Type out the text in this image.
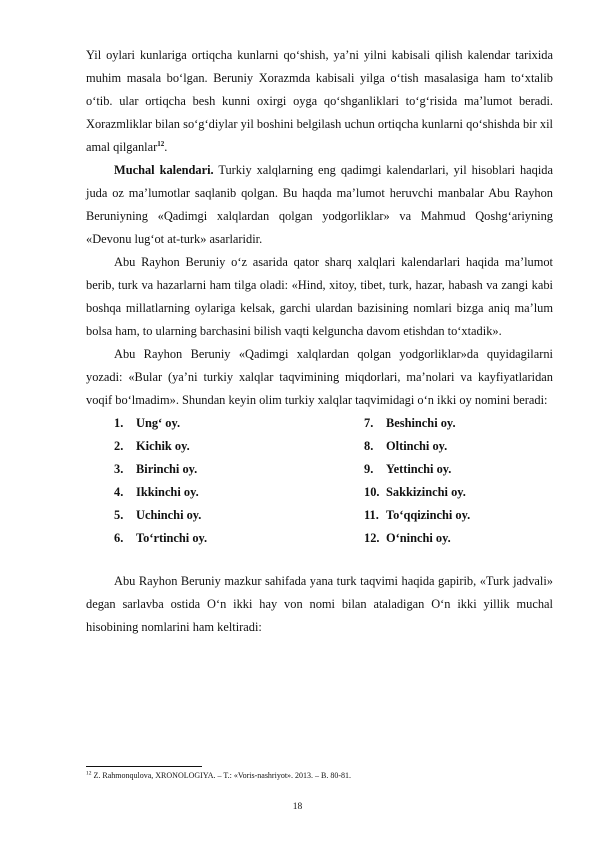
Yil oylari kunlariga ortiqcha kunlarni qo‘shish, ya’ni yilni kabisali qilish kalendar tarixida muhim masala bo‘lgan. Beruniy Xorazmda kabisali yilga o‘tish masalasiga ham to‘xtalib o‘tib. ular ortiqcha besh kunni oxirgi oyga qo‘shganliklari to‘g‘risida ma’lumot beradi. Xorazmliklar bilan so‘g‘diylar yil boshini belgilash uchun ortiqcha kunlarni qo‘shishda bir xil amal qilganlar$^{12}$.

Muchal kalendari. Turkiy xalqlarning eng qadimgi kalendarlari, yil hisoblari haqida juda oz ma’lumotlar saqlanib qolgan. Bu haqda ma’lumot heruvchi manbalar Abu Rayhon Beruniyning «Qadimgi xalqlardan qolgan yodgorliklar» va Mahmud Qoshg‘ariyning «Devonu lug‘ot at-turk» asarlaridir.

Abu Rayhon Beruniy o‘z asarida qator sharq xalqlari kalendarlari haqida ma’lumot berib, turk va hazarlarni ham tilga oladi: «Hind, xitoy, tibet, turk, hazar, habash va zangi kabi boshqa millatlarning oylariga kelsak, garchi ulardan bazisining nomlari bizga aniq ma’lum bolsa ham, to ularning barchasini bilish vaqti kelguncha davom etishdan to‘xtadik».

Abu Rayhon Beruniy «Qadimgi xalqlardan qolgan yodgorliklar»da quyidagilarni yozadi: «Bular (ya’ni turkiy xalqlar taqvimining miqdorlari, ma’nolari va kayfiyatlaridan voqif bo‘lmadim». Shundan keyin olim turkiy xalqlar taqvimidagi o‘n ikki oy nomini beradi:

1. Ung‘ oy.	7. Beshinchi oy.
2. Kichik oy.	8. Oltinchi oy.
3. Birinchi oy.	9. Yettinchi oy.
4. Ikkinchi oy.	10. Sakkizinchi oy.
5. Uchinchi oy.	11. To‘qqizinchi oy.
6. To‘rtinchi oy.	12. O‘ninchi oy.

Abu Rayhon Beruniy mazkur sahifada yana turk taqvimi haqida gapirib, «Turk jadvali» degan sarlavba ostida O‘n ikki hay von nomi bilan ataladigan O‘n ikki yillik muchal hisobining nomlarini ham keltiradi:

$^{12}$ Z. Rahmonqulova, XRONOLOGIYA. – T.: «Voris-nashriyot». 2013. – B. 80-81.
18
